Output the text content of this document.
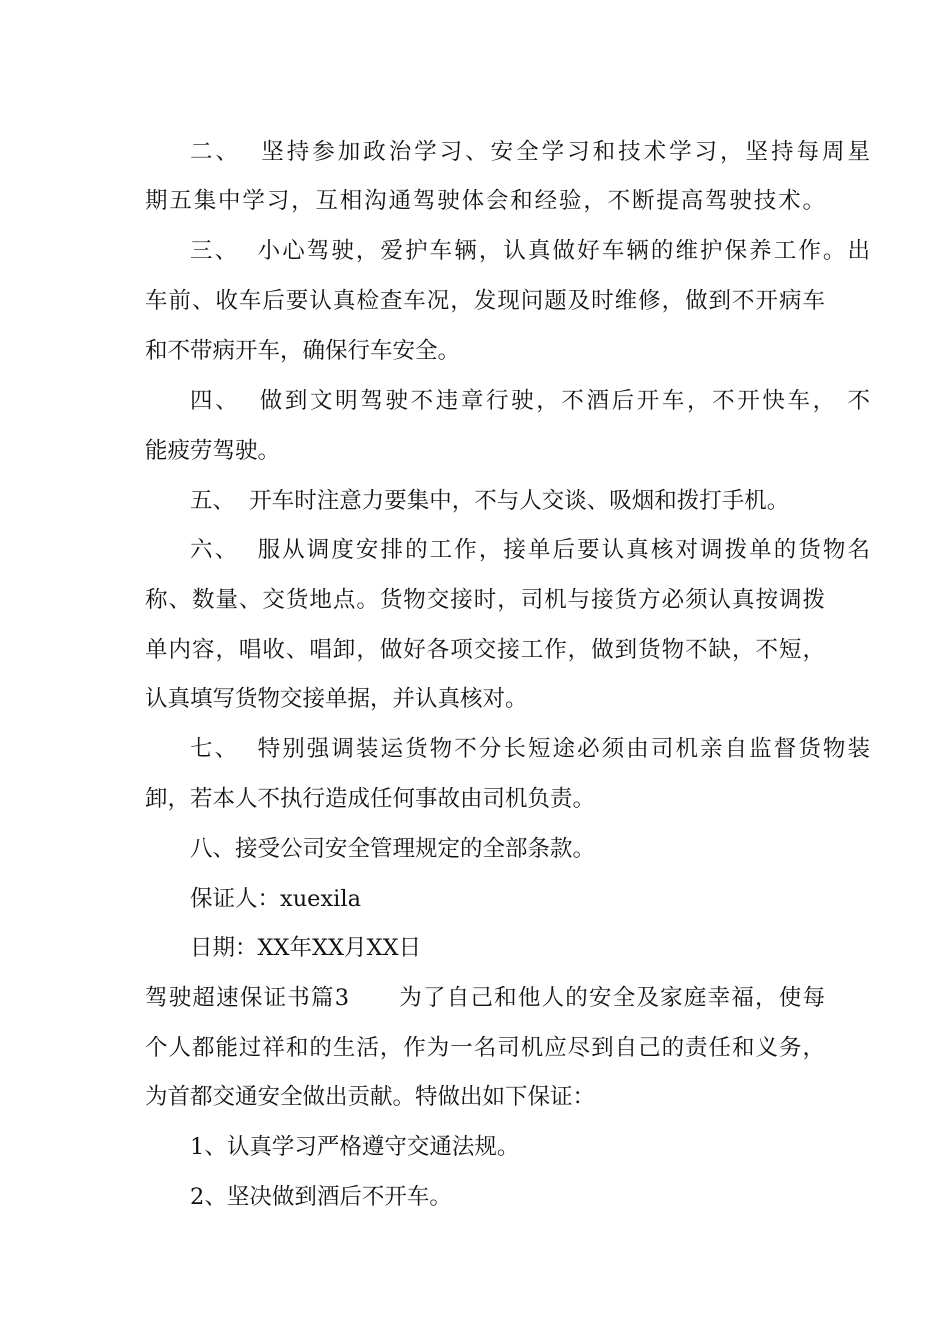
二、  坚持参加政治学习、安全学习和技术学习，坚持每周星
期五集中学习，互相沟通驾驶体会和经验，不断提高驾驶技术。
三、  小心驾驶，爱护车辆，认真做好车辆的维护保养工作。出
车前、收车后要认真检查车况，发现问题及时维修，做到不开病车
和不带病开车，确保行车安全。
四、  做到文明驾驶不违章行驶，不酒后开车，不开快车， 不
能疲劳驾驶。
五、  开车时注意力要集中，不与人交谈、吸烟和拨打手机。
六、  服从调度安排的工作，接单后要认真核对调拨单的货物名
称、数量、交货地点。货物交接时，司机与接货方必须认真按调拨
单内容，唱收、唱卸，做好各项交接工作，做到货物不缺，不短，
认真填写货物交接单据，并认真核对。
七、  特别强调装运货物不分长短途必须由司机亲自监督货物装
卸，若本人不执行造成任何事故由司机负责。
八、接受公司安全管理规定的全部条款。
保证人：xuexila
日期：XX年XX月XX日
驾驶超速保证书篇3      为了自己和他人的安全及家庭幸福，使每
个人都能过祥和的生活，作为一名司机应尽到自己的责任和义务，
为首都交通安全做出贡献。特做出如下保证：
1、认真学习严格遵守交通法规。
2、坚决做到酒后不开车。
